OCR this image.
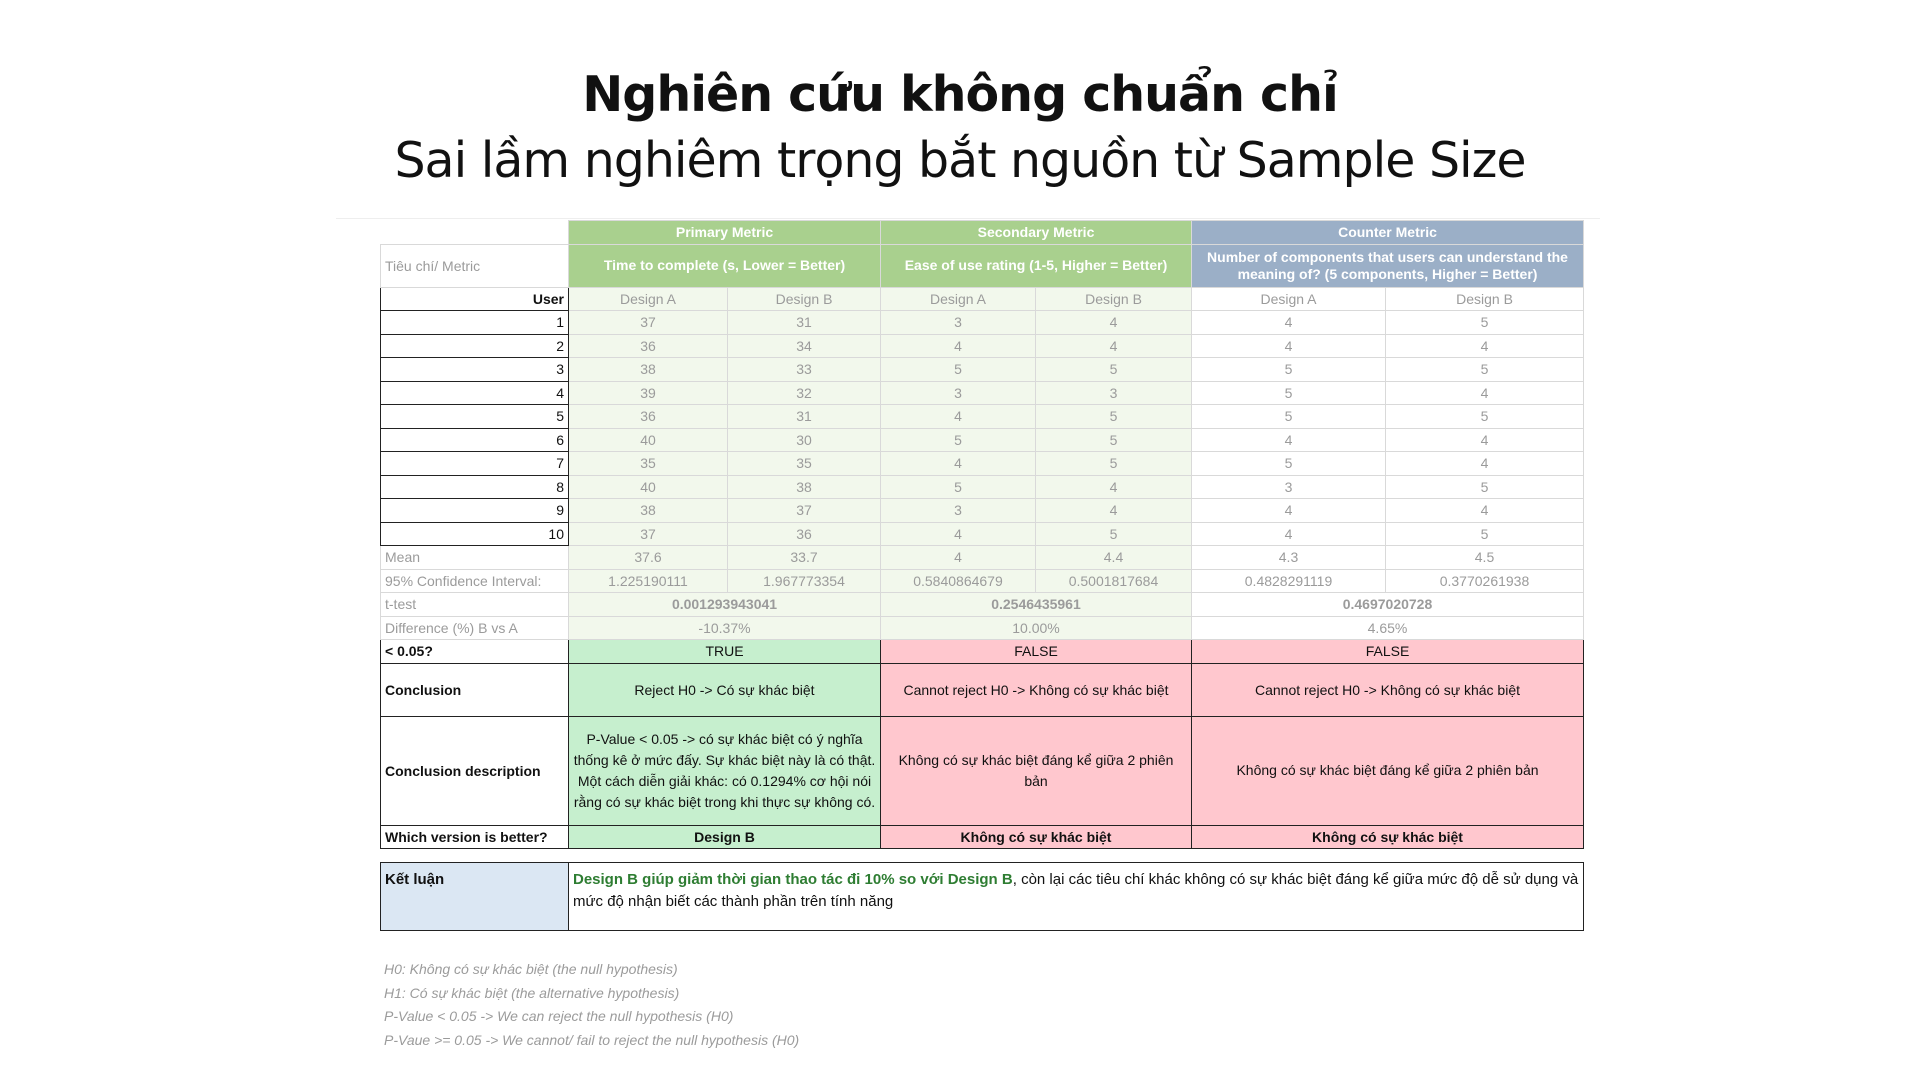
Nghiên cứu không chuẩn chỉ
Sai lầm nghiêm trọng bắt nguồn từ Sample Size
	Primary Metric		Secondary Metric		Counter Metric	
Tiêu chí/ Metric	Time to complete (s, Lower = Better)		Ease of use rating (1-5, Higher = Better)		Number of components that users can understand the meaning of? (5 components, Higher = Better)	
User	Design A	Design B	Design A	Design B	Design A	Design B
1	37	31	3	4	4	5
2	36	34	4	4	4	4
3	38	33	5	5	5	5
4	39	32	3	3	5	4
5	36	31	4	5	5	5
6	40	30	5	5	4	4
7	35	35	4	5	5	4
8	40	38	5	4	3	5
9	38	37	3	4	4	4
10	37	36	4	5	4	5
Mean	37.6	33.7	4	4.4	4.3	4.5
95% Confidence Interval:	1.225190111	1.967773354	0.5840864679	0.5001817684	0.4828291119	0.3770261938
t-test	0.001293943041		0.2546435961		0.4697020728	
Difference (%) B vs A	-10.37%		10.00%		4.65%	
< 0.05?	TRUE		FALSE		FALSE	
Conclusion	Reject H0 -> Có sự khác biệt		Cannot reject H0 -> Không có sự khác biệt		Cannot reject H0 -> Không có sự khác biệt	
Conclusion description	P-Value < 0.05 -> có sự khác biệt có ý nghĩa thống kê ở mức đấy. Sự khác biệt này là có thật. Một cách diễn giải khác: có 0.1294% cơ hội nói rằng có sự khác biệt trong khi thực sự không có.		Không có sự khác biệt đáng kể giữa 2 phiên bản		Không có sự khác biệt đáng kể giữa 2 phiên bản	
Which version is better?	Design B		Không có sự khác biệt		Không có sự khác biệt	
Kết luận	Design B giúp giảm thời gian thao tác đi 10% so với Design B, còn lại các tiêu chí khác không có sự khác biệt đáng kể giữa mức độ dễ sử dụng và mức độ nhận biết các thành phần trên tính năng
H0: Không có sự khác biệt (the null hypothesis)
H1: Có sự khác biệt (the alternative hypothesis)
P-Value < 0.05 -> We can reject the null hypothesis (H0)
P-Vaue >= 0.05 -> We cannot/ fail to reject the null hypothesis (H0)
